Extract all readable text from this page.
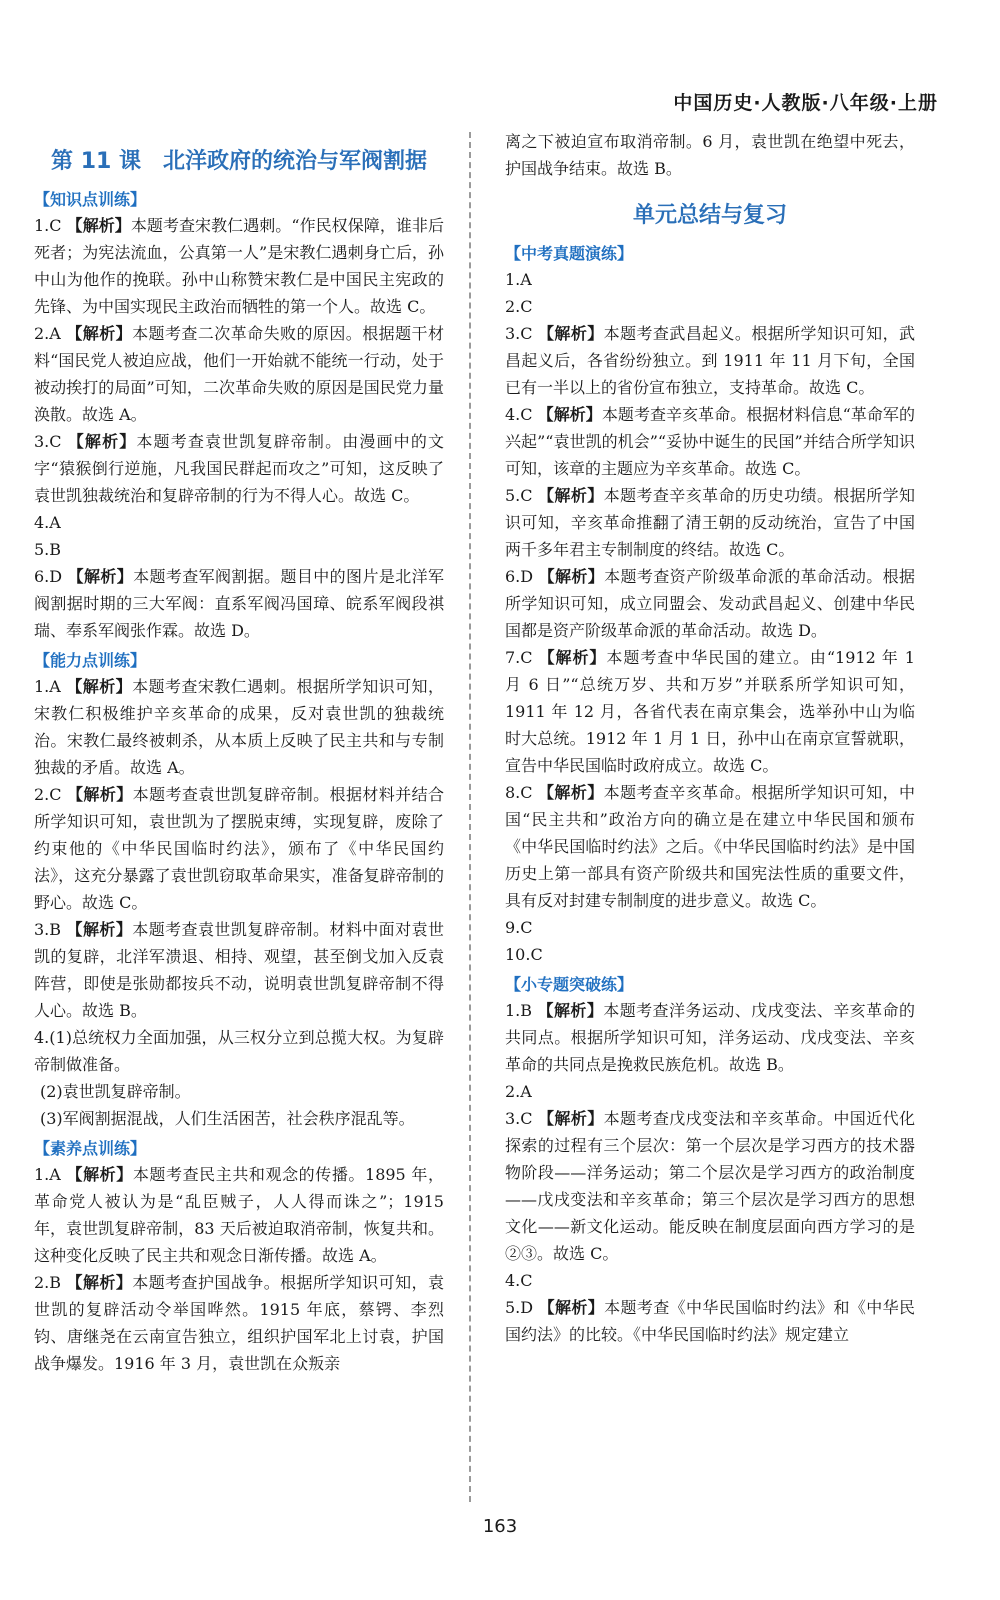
中国历史·人教版·八年级·上册
第 11 课　北洋政府的统治与军阀割据
【知识点训练】

1.C 【解析】本题考查宋教仁遇刺。“作民权保障，谁非后死者；为宪法流血，公真第一人”是宋教仁遇刺身亡后，孙中山为他作的挽联。孙中山称赞宋教仁是中国民主宪政的先锋、为中国实现民主政治而牺牲的第一个人。故选 C。

2.A 【解析】本题考查二次革命失败的原因。根据题干材料“国民党人被迫应战，他们一开始就不能统一行动，处于被动挨打的局面”可知，二次革命失败的原因是国民党力量涣散。故选 A。

3.C 【解析】本题考查袁世凯复辟帝制。由漫画中的文字“猿猴倒行逆施，凡我国民群起而攻之”可知，这反映了袁世凯独裁统治和复辟帝制的行为不得人心。故选 C。

4.A

5.B

6.D 【解析】本题考查军阀割据。题目中的图片是北洋军阀割据时期的三大军阀：直系军阀冯国璋、皖系军阀段祺瑞、奉系军阀张作霖。故选 D。

【能力点训练】

1.A 【解析】本题考查宋教仁遇刺。根据所学知识可知，宋教仁积极维护辛亥革命的成果，反对袁世凯的独裁统治。宋教仁最终被刺杀，从本质上反映了民主共和与专制独裁的矛盾。故选 A。

2.C 【解析】本题考查袁世凯复辟帝制。根据材料并结合所学知识可知，袁世凯为了摆脱束缚，实现复辟，废除了约束他的《中华民国临时约法》，颁布了《中华民国约法》，这充分暴露了袁世凯窃取革命果实，准备复辟帝制的野心。故选 C。

3.B 【解析】本题考查袁世凯复辟帝制。材料中面对袁世凯的复辟，北洋军溃退、相持、观望，甚至倒戈加入反袁阵营，即使是张勋都按兵不动，说明袁世凯复辟帝制不得人心。故选 B。

4.(1)总统权力全面加强，从三权分立到总揽大权。为复辟帝制做准备。

(2)袁世凯复辟帝制。
(3)军阀割据混战，人们生活困苦，社会秩序混乱等。
【素养点训练】

1.A 【解析】本题考查民主共和观念的传播。1895 年，革命党人被认为是“乱臣贼子，人人得而诛之”；1915 年，袁世凯复辟帝制，83 天后被迫取消帝制，恢复共和。这种变化反映了民主共和观念日渐传播。故选 A。

2.B 【解析】本题考查护国战争。根据所学知识可知，袁世凯的复辟活动令举国哗然。1915 年底，蔡锷、李烈钧、唐继尧在云南宣告独立，组织护国军北上讨袁，护国战争爆发。1916 年 3 月，袁世凯在众叛亲

离之下被迫宣布取消帝制。6 月，袁世凯在绝望中死去，护国战争结束。故选 B。

单元总结与复习
【中考真题演练】

1.A

2.C

3.C 【解析】本题考查武昌起义。根据所学知识可知，武昌起义后，各省纷纷独立。到 1911 年 11 月下旬，全国已有一半以上的省份宣布独立，支持革命。故选 C。

4.C 【解析】本题考查辛亥革命。根据材料信息“革命军的兴起”“袁世凯的机会”“妥协中诞生的民国”并结合所学知识可知，该章的主题应为辛亥革命。故选 C。

5.C 【解析】本题考查辛亥革命的历史功绩。根据所学知识可知，辛亥革命推翻了清王朝的反动统治，宣告了中国两千多年君主专制制度的终结。故选 C。

6.D 【解析】本题考查资产阶级革命派的革命活动。根据所学知识可知，成立同盟会、发动武昌起义、创建中华民国都是资产阶级革命派的革命活动。故选 D。

7.C 【解析】本题考查中华民国的建立。由“1912 年 1 月 6 日”“总统万岁、共和万岁”并联系所学知识可知，1911 年 12 月，各省代表在南京集会，选举孙中山为临时大总统。1912 年 1 月 1 日，孙中山在南京宣誓就职，宣告中华民国临时政府成立。故选 C。

8.C 【解析】本题考查辛亥革命。根据所学知识可知，中国“民主共和”政治方向的确立是在建立中华民国和颁布《中华民国临时约法》之后。《中华民国临时约法》是中国历史上第一部具有资产阶级共和国宪法性质的重要文件，具有反对封建专制制度的进步意义。故选 C。

9.C

10.C

【小专题突破练】

1.B 【解析】本题考查洋务运动、戊戌变法、辛亥革命的共同点。根据所学知识可知，洋务运动、戊戌变法、辛亥革命的共同点是挽救民族危机。故选 B。

2.A

3.C 【解析】本题考查戊戌变法和辛亥革命。中国近代化探索的过程有三个层次：第一个层次是学习西方的技术器物阶段——洋务运动；第二个层次是学习西方的政治制度——戊戌变法和辛亥革命；第三个层次是学习西方的思想文化——新文化运动。能反映在制度层面向西方学习的是②③。故选 C。

4.C

5.D 【解析】本题考查《中华民国临时约法》和《中华民国约法》的比较。《中华民国临时约法》规定建立

163
